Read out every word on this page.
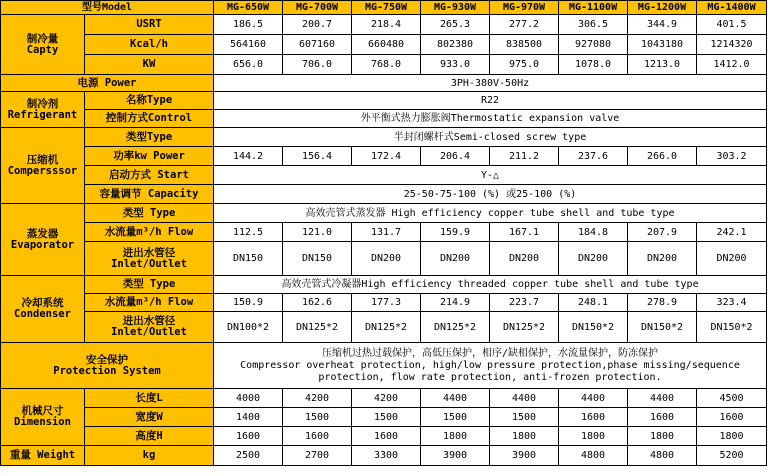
型号Model		MG-650W	MG-700W	MG-750W	MG-930W	MG-970W	MG-1100W	MG-1200W	MG-1400W

制冷量
Capty	USRT	186.5	200.7	218.4	265.3	277.2	306.5	344.9	401.5
	Kcal/h	564160	607160	660480	802380	838500	927080	1043180	1214320
	KW	656.0	706.0	768.0	933.0	975.0	1078.0	1213.0	1412.0
电源 Power		3PH-380V-50Hz							

制冷剂
Refrigerant	名称Type	R22							
	控制方式Control	外平衡式热力膨胀阀Thermostatic expansion valve							

压缩机
Compersssor	类型Type	半封闭螺杆式Semi-closed screw type							
	功率kw Power	144.2	156.4	172.4	206.4	211.2	237.6	266.0	303.2
	启动方式 Start	Y-△							
	容量调节 Capacity	25-50-75-100 (%) 或25-100 (%)							

蒸发器
Evaporator	类型 Type	高效壳管式蒸发器 High efficiency copper tube shell and tube type							
	水流量m³/h Flow	112.5	121.0	131.7	159.9	167.1	184.8	207.9	242.1

	进出水管径
Inlet/Outlet	DN150	DN150	DN200	DN200	DN200	DN200	DN200	DN200

冷却系统
Condenser	类型 Type	高效壳管式冷凝器High efficiency threaded copper tube shell and tube type							
	水流量m³/h Flow	150.9	162.6	177.3	214.9	223.7	248.1	278.9	323.4

	进出水管径
Inlet/Outlet	DN100*2	DN125*2	DN125*2	DN125*2	DN125*2	DN150*2	DN150*2	DN150*2

安全保护
Protection System		压缩机过热过载保护，高低压保护，相序/缺相保护，水流量保护，防冻保护
Compressor overheat protection, high/low pressure protection,phase missing/sequence protection, flow rate protection, anti-frozen protection.							

机械尺寸
Dimension	长度L	4000	4200	4200	4400	4400	4400	4400	4500
	宽度W	1400	1500	1500	1500	1500	1600	1600	1600
	高度H	1600	1600	1600	1800	1800	1800	1800	1800
重量 Weight	kg	2500	2700	3300	3900	3900	4800	4800	5200
